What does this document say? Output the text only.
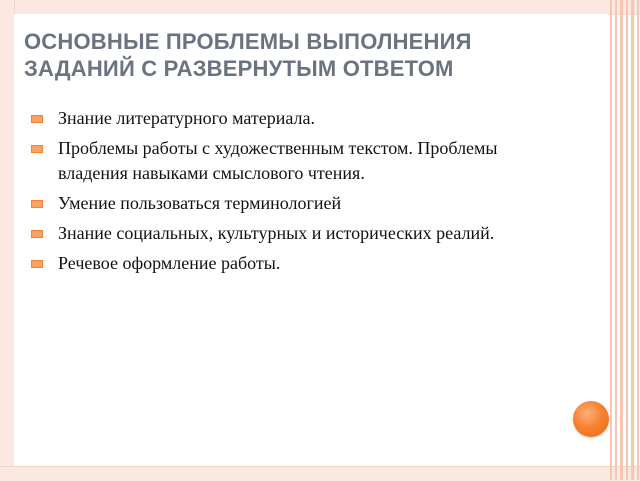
ОСНОВНЫЕ ПРОБЛЕМЫ ВЫПОЛНЕНИЯ ЗАДАНИЙ С РАЗВЕРНУТЫМ ОТВЕТОМ
Знание литературного материала.
Проблемы работы с художественным текстом. Проблемы владения навыками смыслового чтения.
Умение пользоваться терминологией
Знание социальных, культурных и исторических реалий.
Речевое оформление работы.
